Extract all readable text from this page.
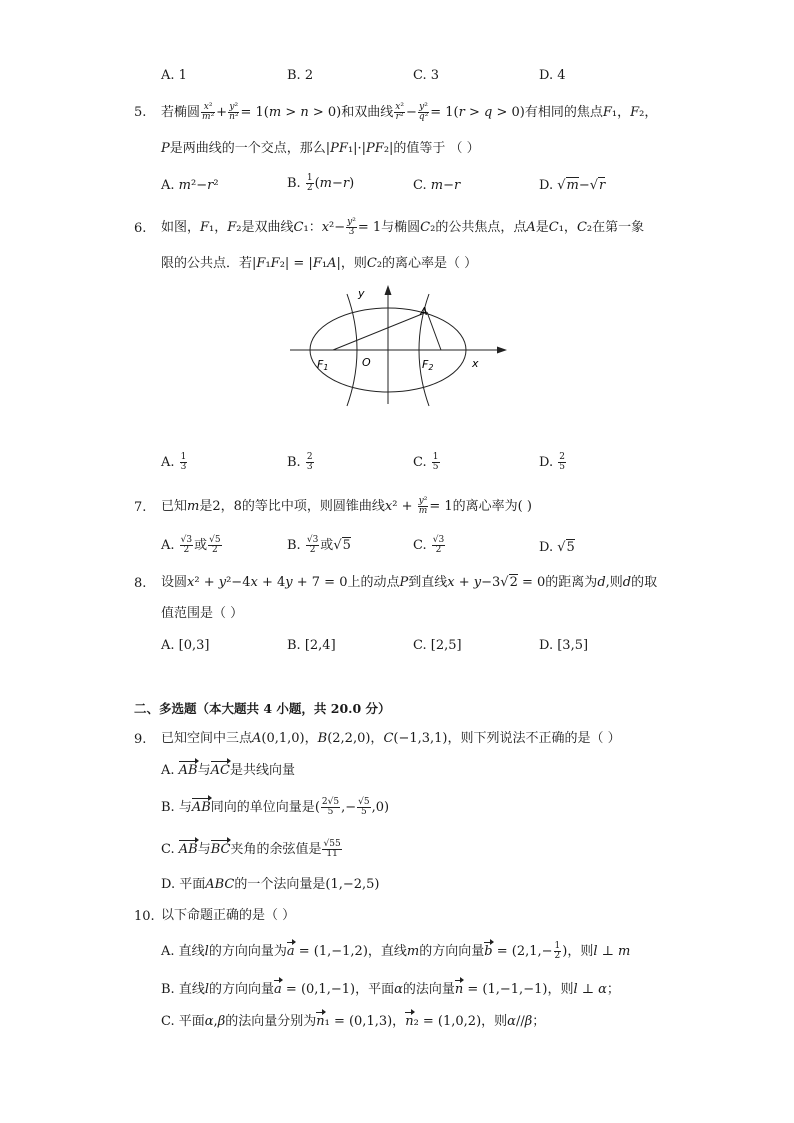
A. 1	B. 2	C. 3	D. 4
5. 若椭圆 $\frac{\text{x²}}{\text{m²}} + \frac{\text{y²}}{\text{n²}} = 1(m > n > 0)$和双曲线 $\frac{\text{x²}}{\text{r²}} - \frac{\text{y²}}{\text{q²}} = 1(r > q > 0)$有相同的焦点F₁，F₂，
P是两曲线的一个交点，那么|PF₁|·|PF₂|的值等于 （ ）
A. m²−r²	B. $\frac{1}{2} (m-r)$	C. m−r	D. √m−√r
6. 如图，F₁，F₂是双曲线C₁：$x^2- \frac{\text{y²}}{3} = 1$与椭圆C₂的公共焦点，点A是C₁，C₂在第一象
限的公共点．若|F₁F₂| = |F₁A|，则C₂的离心率是（ ）
y
A
F1	O	F2	x
A. $\frac{1}{3}$	B. $\frac{2}{3}$	C. $\frac{1}{5}$	D. $\frac{2}{5}$
7. 已知m是2，8的等比中项，则圆锥曲线$x^2 + \frac{\text{y²}}{m} = 1$的离心率为( )
A. $\frac{√3}{2}$ 或 $\frac{√5}{2}$	B. $\frac{√3}{2}$ 或√5	C. $\frac{√3}{2}$	D. √5
8. 设圆x² + y²−4x + 4y + 7 = 0上的动点P到直线x + y−3√2 = 0的距离为d,则d的取
值范围是（ ）
A. [0,3]	B. [2,4]	C. [2,5]	D. [3,5]
二、多选题（本大题共 4 小题，共 20.0 分）
9. 已知空间中三点A(0,1,0)，B(2,2,0)，C(−1,3,1)，则下列说法不正确的是（ ）
A. AB与AC是共线向量
B. 与AB同向的单位向量是( $\frac{2√5}{5}$ ,− $\frac{√5}{5} ,0$)
C. AB与BC夹角的余弦值是 $\frac{√55}{11}$
D. 平面ABC的一个法向量是(1,−2,5)
10. 以下命题正确的是（ ）
A. 直线l的方向向量为a = (1,−1,2)，直线m的方向向量$b = (2,1,- \frac{1}{2}$ )，则l ⊥ m
B. 直线l的方向向量a = (0,1,−1)，平面α的法向量n = (1,−1,−1)，则l ⊥ α；
C. 平面α,β的法向量分别为n₁ = (0,1,3)，n₂ = (1,0,2)，则α//β；
